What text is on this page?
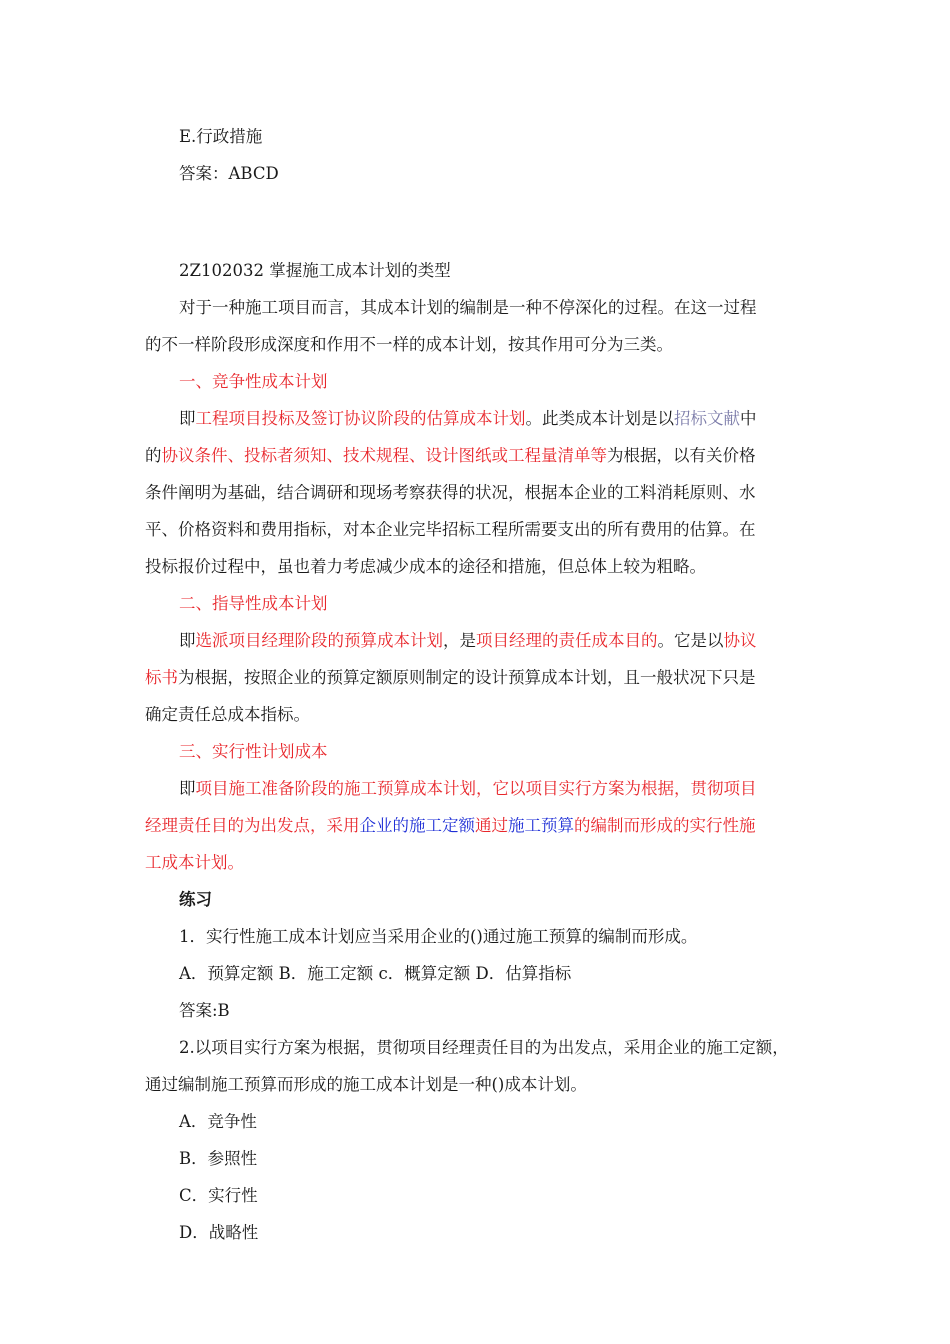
E.行政措施
答案：ABCD
2Z102032 掌握施工成本计划的类型
对于一种施工项目而言，其成本计划的编制是一种不停深化的过程。在这一过程
的不一样阶段形成深度和作用不一样的成本计划，按其作用可分为三类。
一、竞争性成本计划
即工程项目投标及签订协议阶段的估算成本计划。此类成本计划是以招标文献中
的协议条件、投标者须知、技术规程、设计图纸或工程量清单等为根据，以有关价格
条件阐明为基础，结合调研和现场考察获得的状况，根据本企业的工料消耗原则、水
平、价格资料和费用指标，对本企业完毕招标工程所需要支出的所有费用的估算。在
投标报价过程中，虽也着力考虑减少成本的途径和措施，但总体上较为粗略。
二、指导性成本计划
即选派项目经理阶段的预算成本计划，是项目经理的责任成本目的。它是以协议
标书为根据，按照企业的预算定额原则制定的设计预算成本计划，且一般状况下只是
确定责任总成本指标。
三、实行性计划成本
即项目施工准备阶段的施工预算成本计划，它以项目实行方案为根据，贯彻项目
经理责任目的为出发点，采用企业的施工定额通过施工预算的编制而形成的实行性施
工成本计划。
练习
1．实行性施工成本计划应当采用企业的()通过施工预算的编制而形成。
A．预算定额 B．施工定额 c．概算定额 D．估算指标
答案:B
2.以项目实行方案为根据，贯彻项目经理责任目的为出发点，采用企业的施工定额，
通过编制施工预算而形成的施工成本计划是一种()成本计划。
A．竞争性
B．参照性
C．实行性
D．战略性
